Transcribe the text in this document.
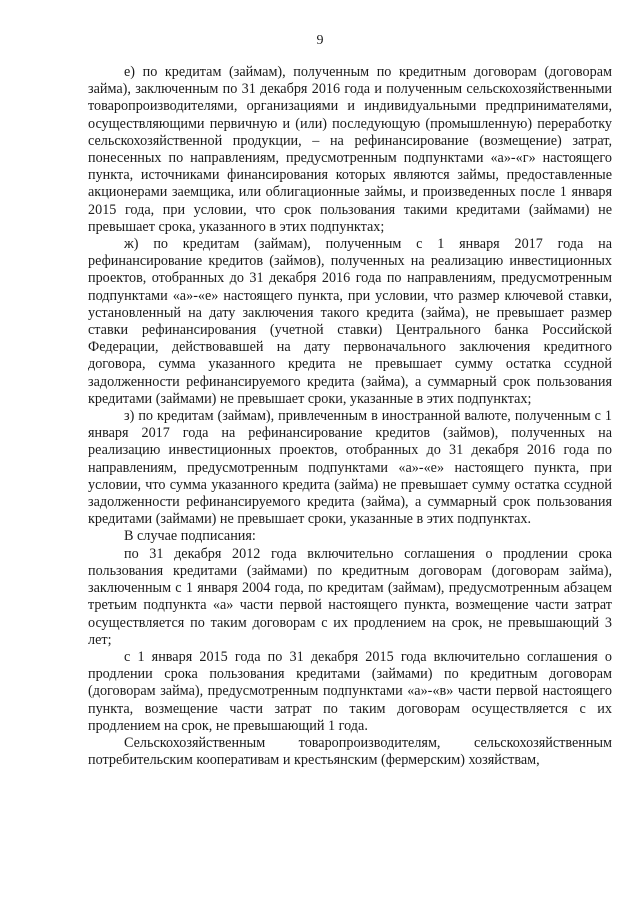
9

е) по кредитам (займам), полученным по кредитным договорам (договорам займа), заключенным по 31 декабря 2016 года и полученным сельскохозяйственными товаропроизводителями, организациями и индивидуальными предпринимателями, осуществляющими первичную и (или) последующую (промышленную) переработку сельскохозяйственной продукции, – на рефинансирование (возмещение) затрат, понесенных по направлениям, предусмотренным подпунктами «а»-«г» настоящего пункта, источниками финансирования которых являются займы, предоставленные акционерами заемщика, или облигационные займы, и произведенных после 1 января 2015 года, при условии, что срок пользования такими кредитами (займами) не превышает срока, указанного в этих подпунктах;

ж) по кредитам (займам), полученным с 1 января 2017 года на рефинансирование кредитов (займов), полученных на реализацию инвестиционных проектов, отобранных до 31 декабря 2016 года по направлениям, предусмотренным подпунктами «а»-«е» настоящего пункта, при условии, что размер ключевой ставки, установленный на дату заключения такого кредита (займа), не превышает размер ставки рефинансирования (учетной ставки) Центрального банка Российской Федерации, действовавшей на дату первоначального заключения кредитного договора, сумма указанного кредита не превышает сумму остатка ссудной задолженности рефинансируемого кредита (займа), а суммарный срок пользования кредитами (займами) не превышает сроки, указанные в этих подпунктах;

з) по кредитам (займам), привлеченным в иностранной валюте, полученным с 1 января 2017 года на рефинансирование кредитов (займов), полученных на реализацию инвестиционных проектов, отобранных до 31 декабря 2016 года по направлениям, предусмотренным подпунктами «а»-«е» настоящего пункта, при условии, что сумма указанного кредита (займа) не превышает сумму остатка ссудной задолженности рефинансируемого кредита (займа), а суммарный срок пользования кредитами (займами) не превышает сроки, указанные в этих подпунктах.

В случае подписания:

по 31 декабря 2012 года включительно соглашения о продлении срока пользования кредитами (займами) по кредитным договорам (договорам займа), заключенным с 1 января 2004 года, по кредитам (займам), предусмотренным абзацем третьим подпункта «а» части первой настоящего пункта, возмещение части затрат осуществляется по таким договорам с их продлением на срок, не превышающий 3 лет;

с 1 января 2015 года по 31 декабря 2015 года включительно соглашения о продлении срока пользования кредитами (займами) по кредитным договорам (договорам займа), предусмотренным подпунктами «а»-«в» части первой настоящего пункта, возмещение части затрат по таким договорам осуществляется с их продлением на срок, не превышающий 1 года.

Сельскохозяйственным товаропроизводителям, сельскохозяйственным потребительским кооперативам и крестьянским (фермерским) хозяйствам,
